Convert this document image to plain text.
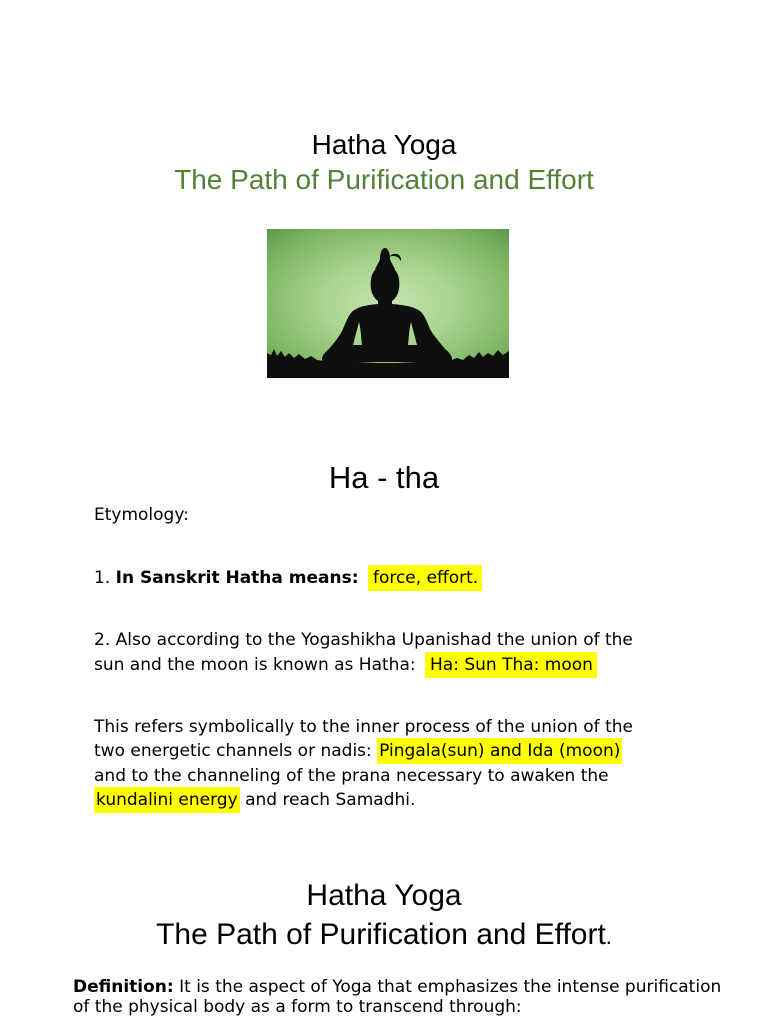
Hatha Yoga
The Path of Purification and Effort
Ha - tha
Etymology:
1. In Sanskrit Hatha means: force, effort.
2. Also according to the Yogashikha Upanishad the union of the
sun and the moon is known as Hatha: Ha: Sun Tha: moon
This refers symbolically to the inner process of the union of the
two energetic channels or nadis: Pingala(sun) and Ida (moon)
and to the channeling of the prana necessary to awaken the
kundalini energy and reach Samadhi.
Hatha Yoga
The Path of Purification and Effort.
Definition: It is the aspect of Yoga that emphasizes the intense purification
of the physical body as a form to transcend through:
